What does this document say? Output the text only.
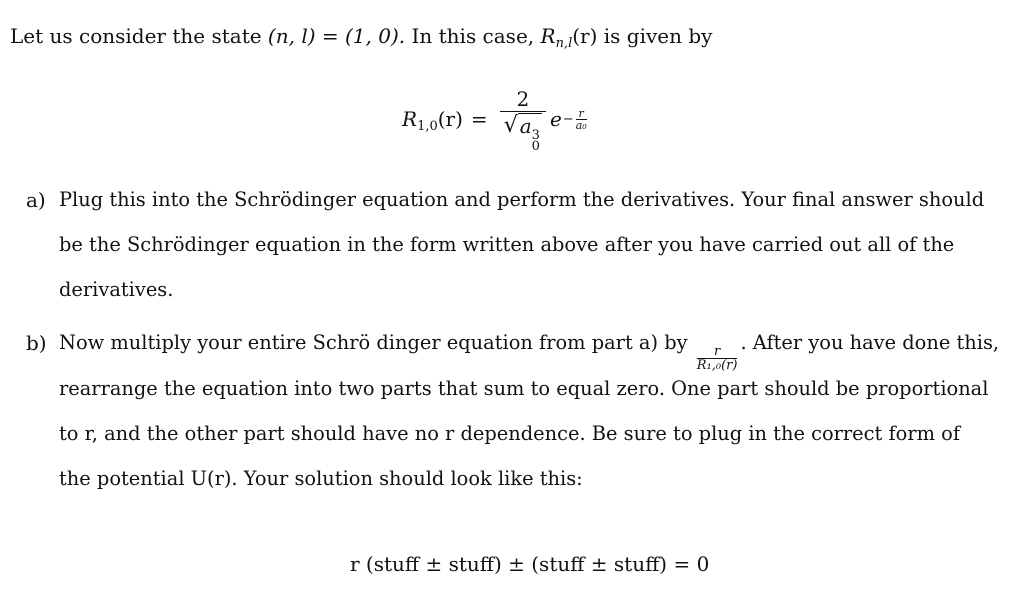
Let us consider the state (n, l) = (1, 0). In this case, $R_{n,l}(r)$ is given by
$R_{1,0}(r) = 2$
√ a 3
0 $e - \frac{r}{\text{a₀}}$
a) Plug this into the Schrödinger equation and perform the derivatives. Your final answer should
be the Schrödinger equation in the form written above after you have carried out all of the
derivatives.
b) Now multiply your entire Schrö dinger equation from part a) by
$\frac{r}{\text{R₁,₀(r)}}$
. After you have done this,
rearrange the equation into two parts that sum to equal zero. One part should be proportional
to r, and the other part should have no r dependence. Be sure to plug in the correct form of
the potential U(r). Your solution should look like this:
r (stuff ± stuff) ± (stuff ± stuff) = 0
